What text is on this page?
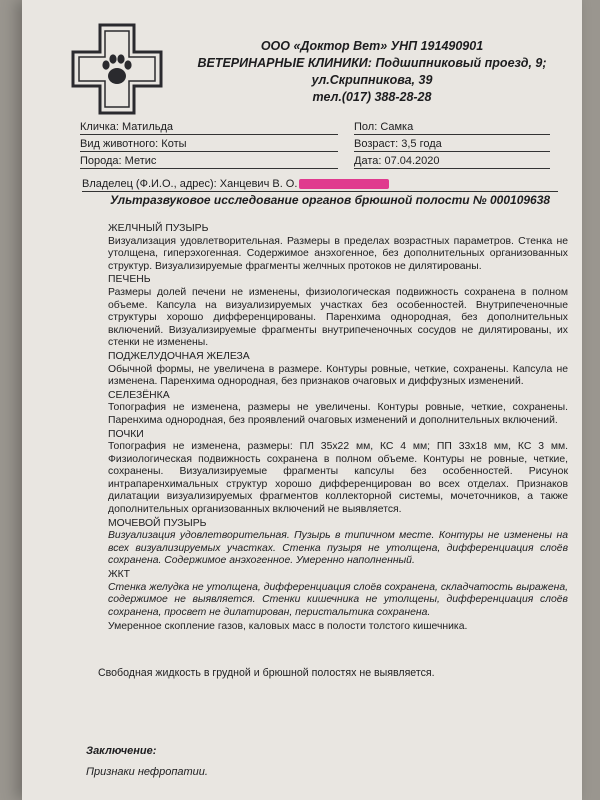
ООО «Доктор Вет» УНП 191490901
ВЕТЕРИНАРНЫЕ КЛИНИКИ: Подшипниковый проезд, 9;
ул.Скрипникова, 39
тел.(017) 388-28-28
Кличка: Матильда
Вид животного: Коты
Порода: Метис
Пол: Самка
Возраст: 3,5 года
Дата: 07.04.2020
Владелец (Ф.И.О., адрес): Ханцевич В. О.
Ультразвуковое исследование органов брюшной полости № 000109638
ЖЕЛЧНЫЙ ПУЗЫРЬ

Визуализация удовлетворительная. Размеры в пределах возрастных параметров. Стенка не утолщена, гиперэхогенная. Содержимое анэхогенное, без дополнительных организованных структур. Визуализируемые фрагменты желчных протоков не дилятированы.

ПЕЧЕНЬ

Размеры долей печени не изменены, физиологическая подвижность сохранена в полном объеме. Капсула на визуализируемых участках без особенностей. Внутрипеченочные структуры хорошо дифференцированы. Паренхима однородная, без дополнительных включений. Визуализируемые фрагменты внутрипеченочных сосудов не дилятированы, их стенки не изменены.

ПОДЖЕЛУДОЧНАЯ ЖЕЛЕЗА

Обычной формы, не увеличена в размере. Контуры ровные, четкие, сохранены. Капсула не изменена. Паренхима однородная, без признаков очаговых и диффузных изменений.

СЕЛЕЗЁНКА

Топография не изменена, размеры не увеличены. Контуры ровные, четкие, сохранены. Паренхима однородная, без проявлений очаговых изменений и дополнительных включений.

ПОЧКИ

Топография не изменена, размеры: ПЛ 35x22 мм, КС 4 мм; ПП 33x18 мм, КС 3 мм. Физиологическая подвижность сохранена в полном объеме. Контуры не ровные, четкие, сохранены. Визуализируемые фрагменты капсулы без особенностей. Рисунок интрапаренхимальных структур хорошо дифференцирован во всех отделах. Признаков дилатации визуализируемых фрагментов коллекторной системы, мочеточников, а также дополнительных организованных включений не выявляется.

МОЧЕВОЙ ПУЗЫРЬ

Визуализация удовлетворительная. Пузырь в типичном месте. Контуры не изменены на всех визуализируемых участках. Стенка пузыря не утолщена, дифференциация слоёв сохранена. Содержимое анэхогенное. Умеренно наполненный.

ЖКТ

Стенка желудка не утолщена, дифференциация слоёв сохранена, складчатость выражена, содержимое не выявляется. Стенки кишечника не утолщены, дифференциация слоёв сохранена, просвет не дилатирован, перистальтика сохранена.

Умеренное скопление газов, каловых масс в полости толстого кишечника.

Свободная жидкость в грудной и брюшной полостях не выявляется.
Заключение:
Признаки нефропатии.
